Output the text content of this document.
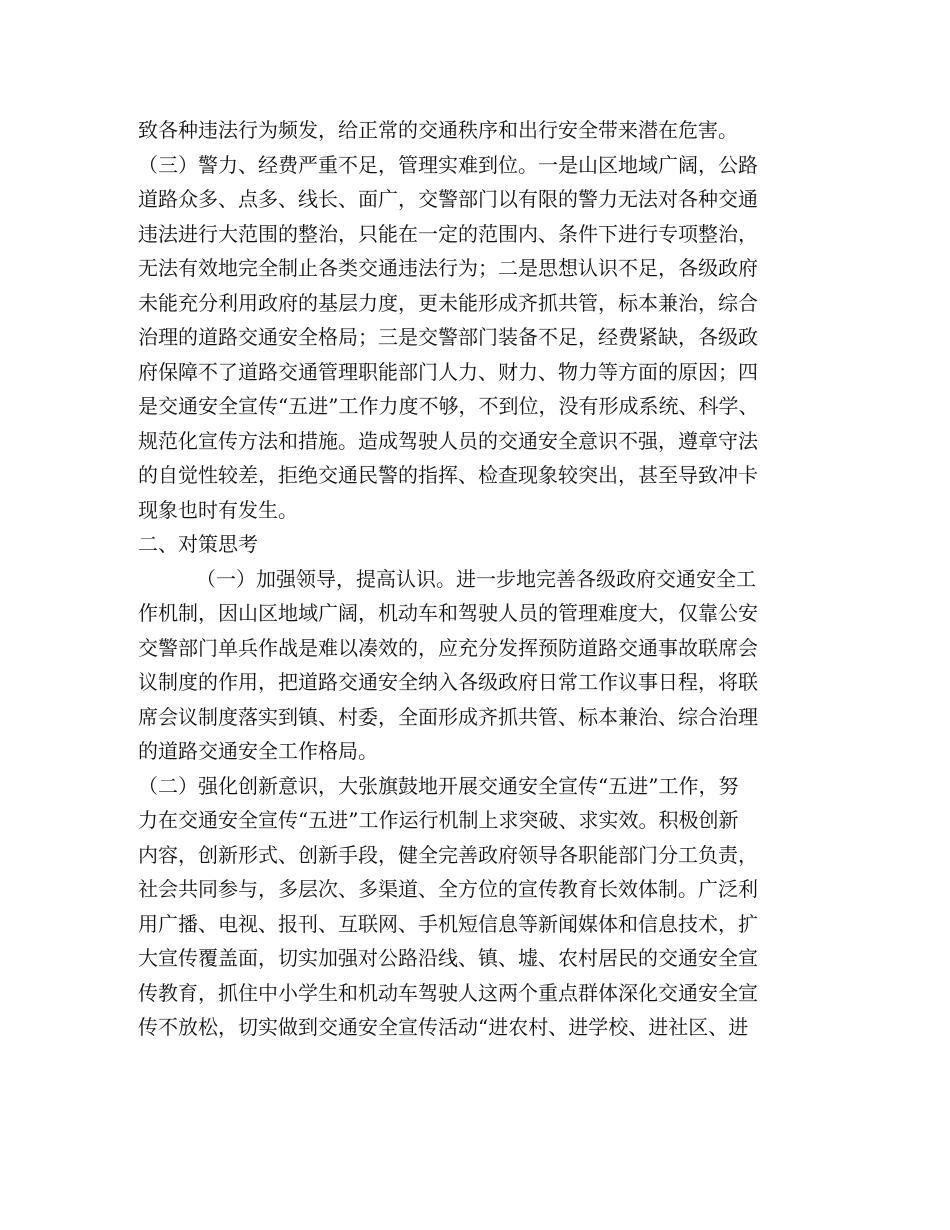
致各种违法行为频发，给正常的交通秩序和出行安全带来潜在危害。
（三）警力、经费严重不足，管理实难到位。一是山区地域广阔，公路
道路众多、点多、线长、面广，交警部门以有限的警力无法对各种交通
违法进行大范围的整治，只能在一定的范围内、条件下进行专项整治，
无法有效地完全制止各类交通违法行为；二是思想认识不足，各级政府
未能充分利用政府的基层力度，更未能形成齐抓共管，标本兼治，综合
治理的道路交通安全格局；三是交警部门装备不足，经费紧缺，各级政
府保障不了道路交通管理职能部门人力、财力、物力等方面的原因；四
是交通安全宣传“五进”工作力度不够，不到位，没有形成系统、科学、
规范化宣传方法和措施。造成驾驶人员的交通安全意识不强，遵章守法
的自觉性较差，拒绝交通民警的指挥、检查现象较突出，甚至导致冲卡
现象也时有发生。
二、对策思考
（一）加强领导，提高认识。进一步地完善各级政府交通安全工
作机制，因山区地域广阔，机动车和驾驶人员的管理难度大，仅靠公安
交警部门单兵作战是难以凑效的，应充分发挥预防道路交通事故联席会
议制度的作用，把道路交通安全纳入各级政府日常工作议事日程，将联
席会议制度落实到镇、村委，全面形成齐抓共管、标本兼治、综合治理
的道路交通安全工作格局。
（二）强化创新意识，大张旗鼓地开展交通安全宣传“五进”工作，努
力在交通安全宣传“五进”工作运行机制上求突破、求实效。积极创新
内容，创新形式、创新手段，健全完善政府领导各职能部门分工负责，
社会共同参与，多层次、多渠道、全方位的宣传教育长效体制。广泛利
用广播、电视、报刊、互联网、手机短信息等新闻媒体和信息技术，扩
大宣传覆盖面，切实加强对公路沿线、镇、墟、农村居民的交通安全宣
传教育，抓住中小学生和机动车驾驶人这两个重点群体深化交通安全宣
传不放松，切实做到交通安全宣传活动“进农村、进学校、进社区、进
